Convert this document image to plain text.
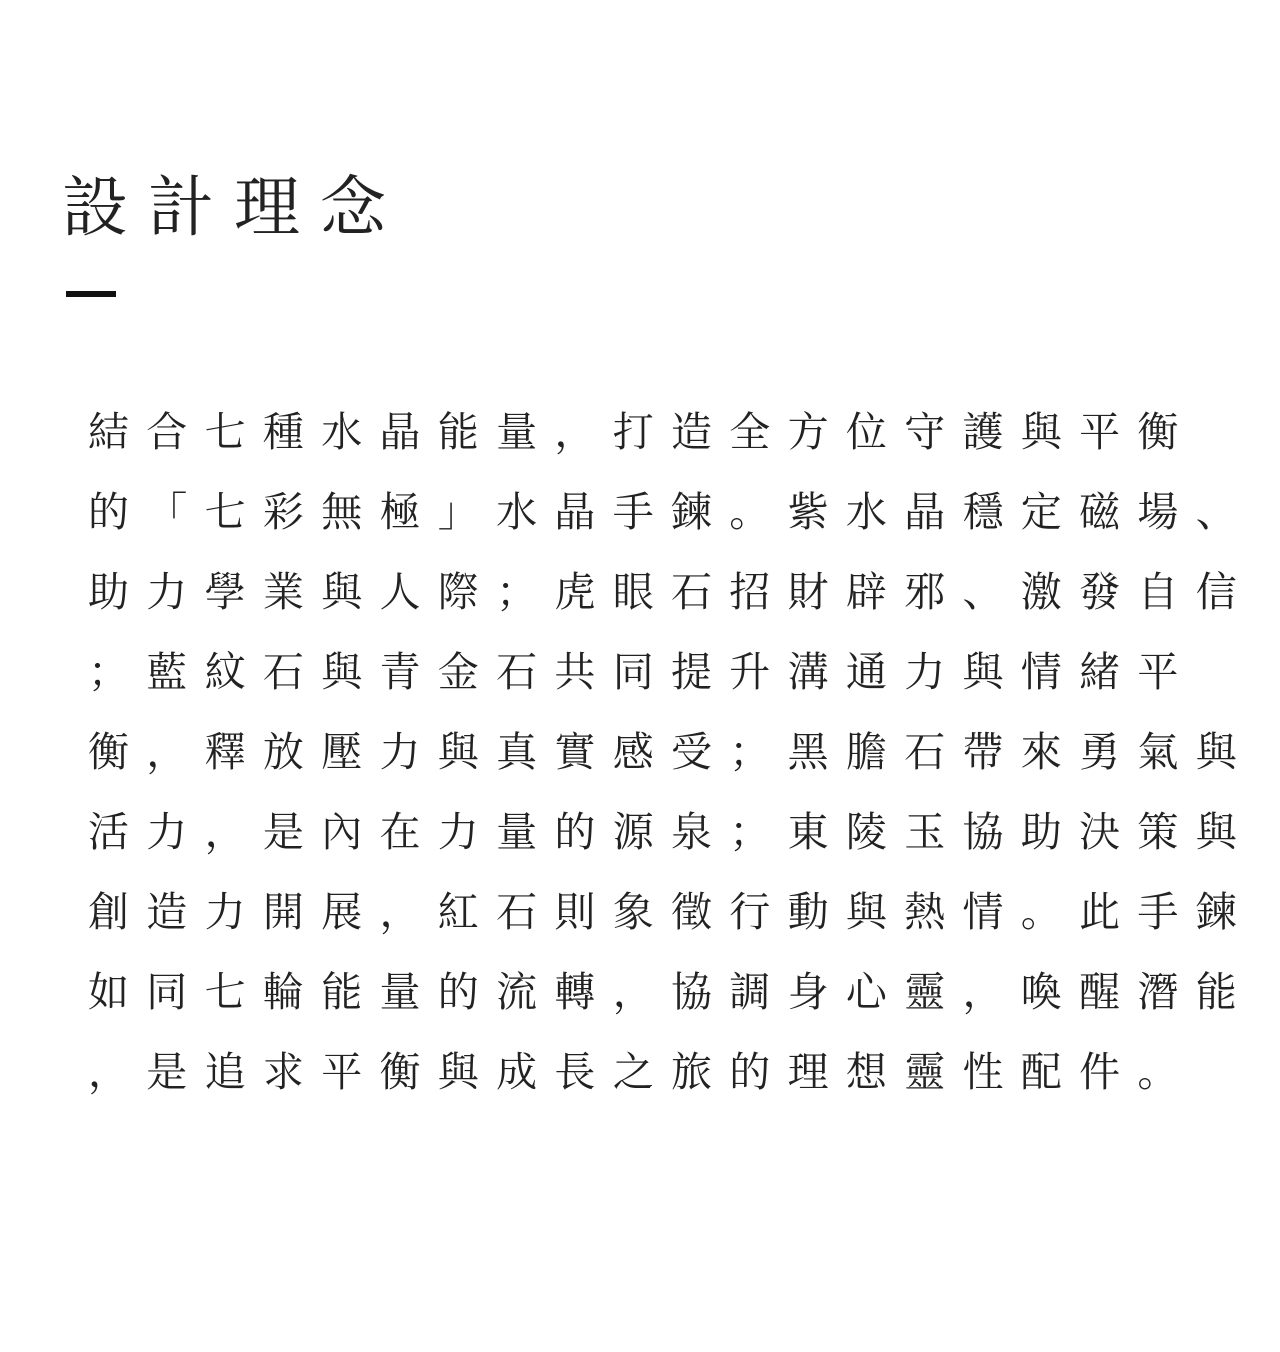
設計理念
結合七種水晶能量，打造全方位守護與平衡
的「七彩無極」水晶手鍊。紫水晶穩定磁場、
助力學業與人際；虎眼石招財辟邪、激發自信
；藍紋石與青金石共同提升溝通力與情緒平
衡，釋放壓力與真實感受；黑膽石帶來勇氣與
活力，是內在力量的源泉；東陵玉協助決策與
創造力開展，紅石則象徵行動與熱情。此手鍊
如同七輪能量的流轉，協調身心靈，喚醒潛能
，是追求平衡與成長之旅的理想靈性配件。
